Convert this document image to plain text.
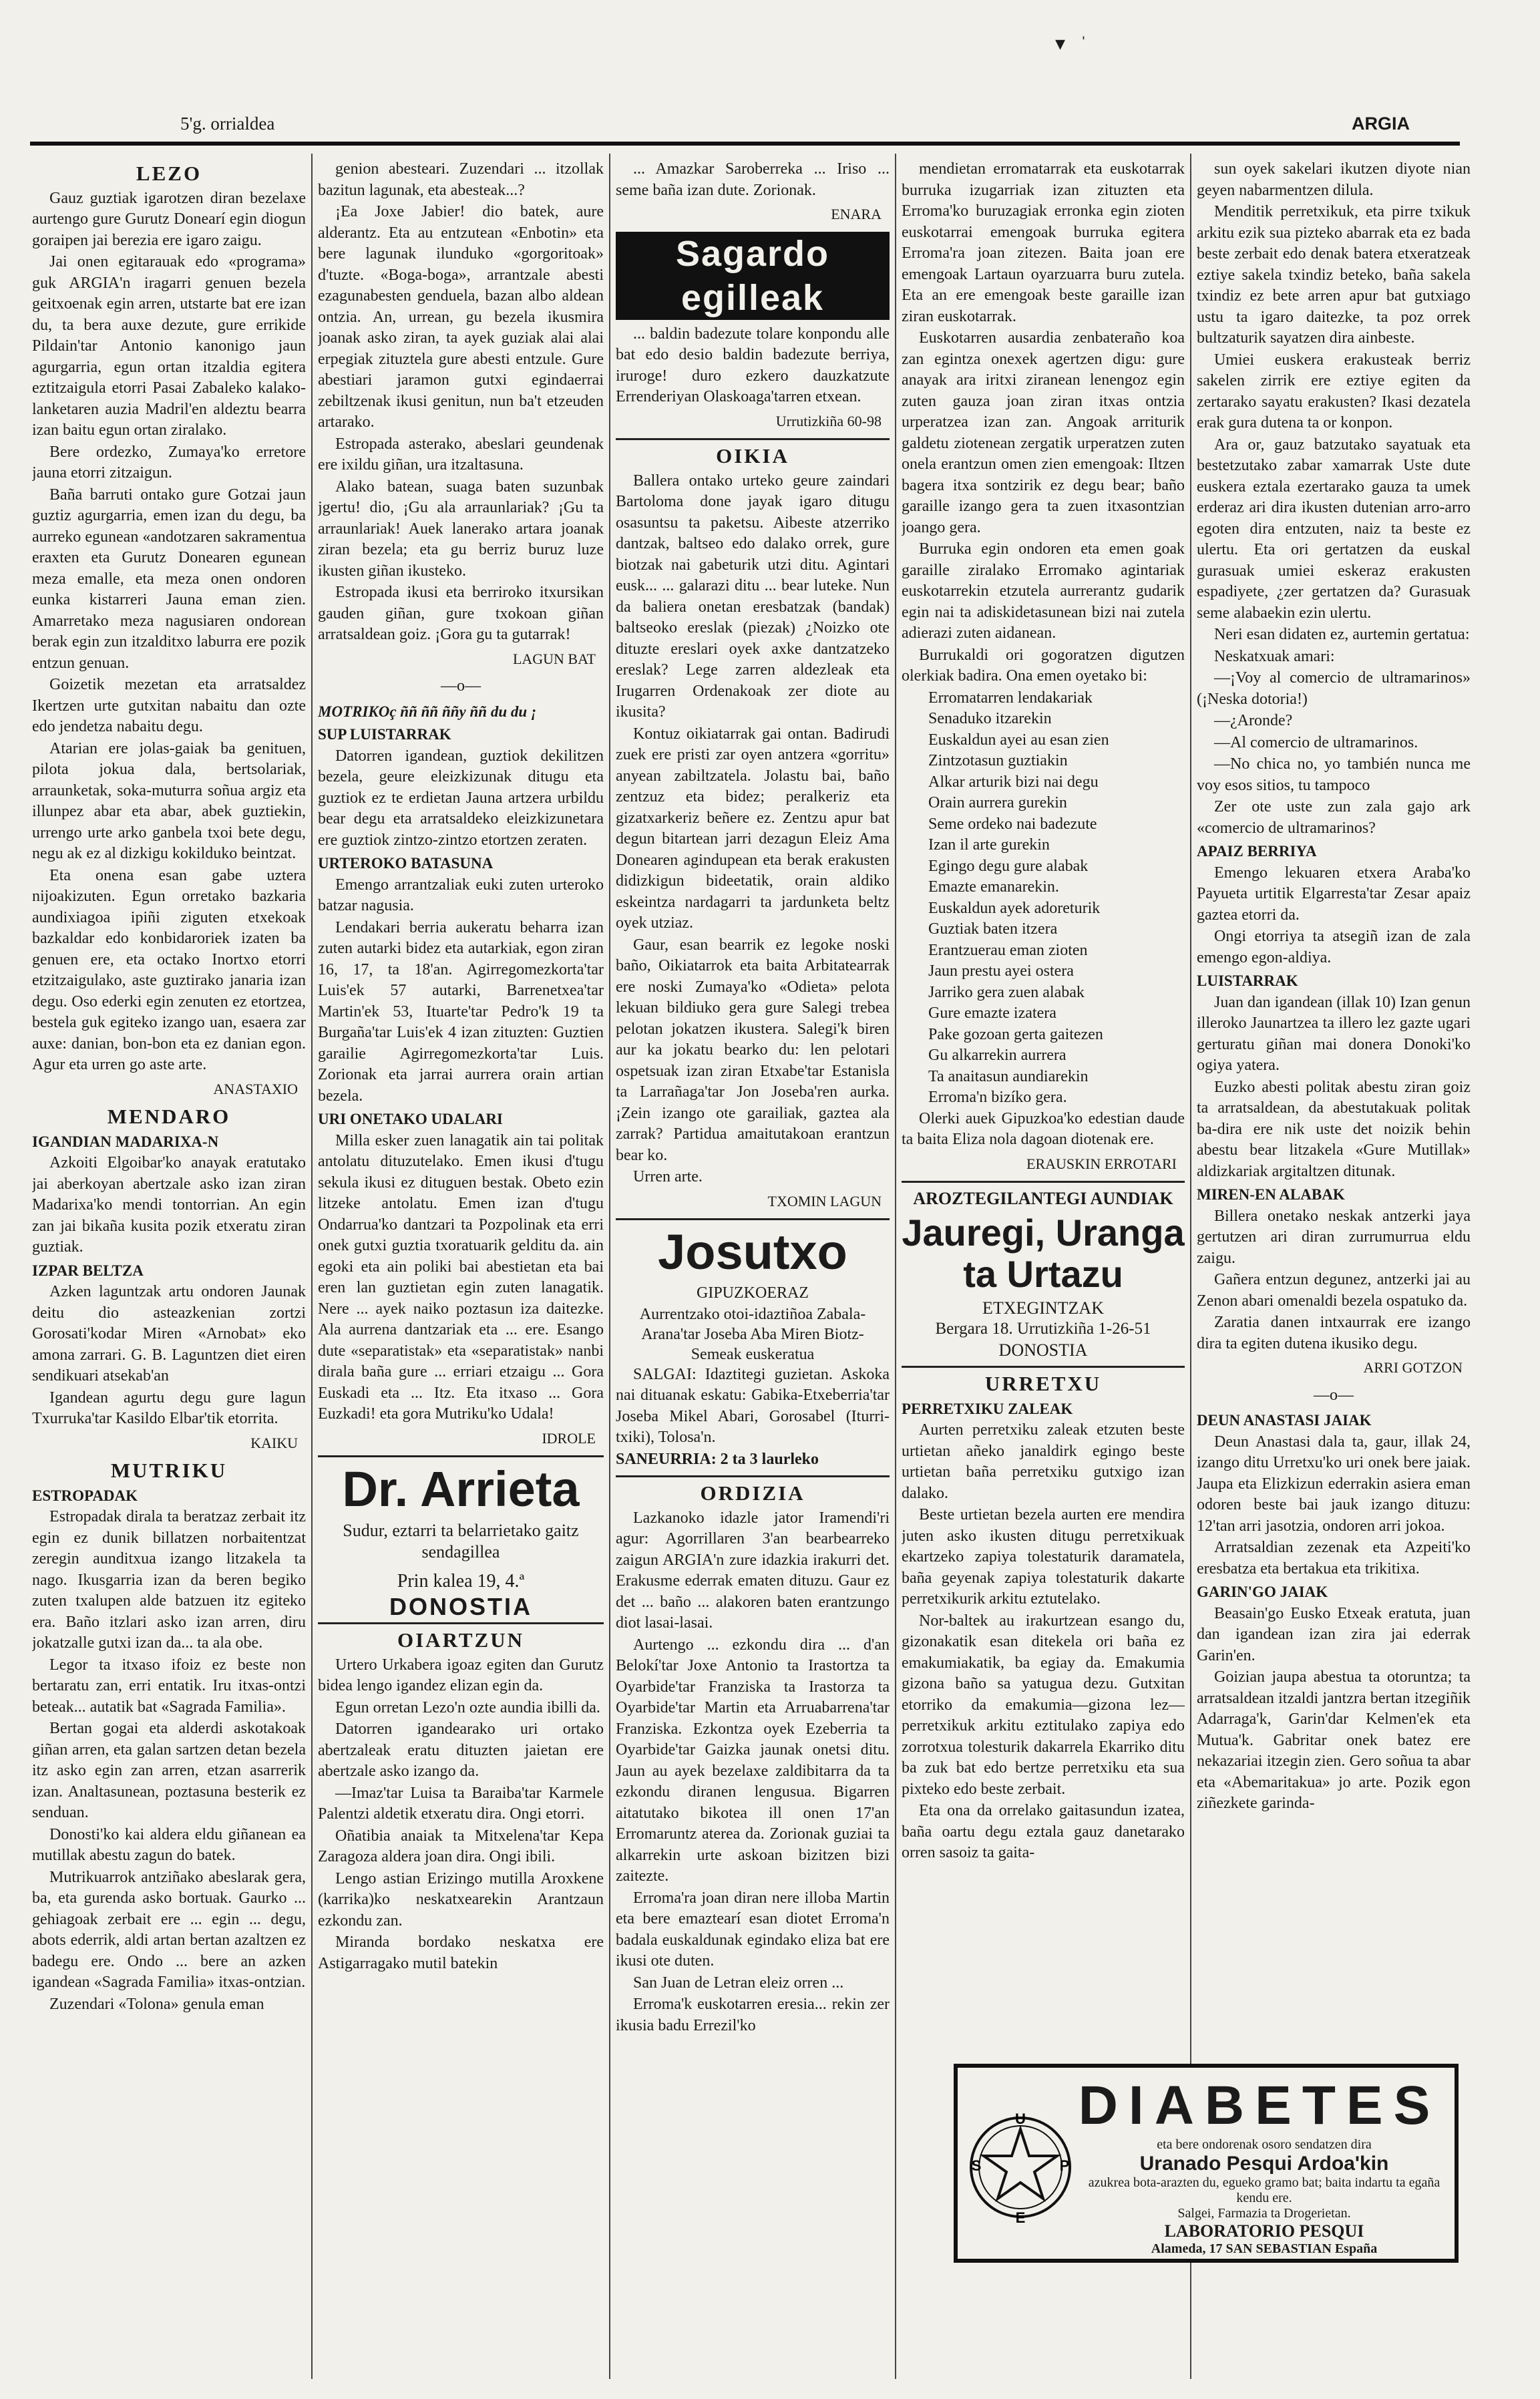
5'g. orrialdea	ARGIA
▾   ˈ
LEZO

Gauz guztiak igarotzen diran bezelaxe aurtengo gure Gurutz Donearí egin diogun goraipen jai berezia ere igaro zaigu.

Jai onen egitarauak edo «programa» guk ARGIA'n iragarri genuen bezela geitxoenak egin arren, utstarte bat ere izan du, ta bera auxe dezute, gure errikide Pildain'tar Antonio kanonigo jaun agurgarria, egun ortan itzaldia egitera eztitzaigula etorri Pasai Zabaleko kalako-lanketaren auzia Madril'en aldeztu bearra izan baitu egun ortan ziralako.

Bere ordezko, Zumaya'ko erretore jauna etorri zitzaigun.

Baña barruti ontako gure Gotzai jaun guztiz agurgarria, emen izan du degu, ba aurreko egunean «andotzaren sakramentua eraxten eta Gurutz Donearen egunean meza emalle, eta meza onen ondoren eunka kistarreri Jauna eman zien. Amarretako meza nagusiaren ondorean berak egin zun itzalditxo laburra ere pozik entzun genuan.

Goizetik mezetan eta arratsaldez Ikertzen urte gutxitan nabaitu dan ozte edo jendetza nabaitu degu.

Atarian ere jolas-gaiak ba genituen, pilota jokua dala, bertsolariak, arraunketak, soka-muturra soñua argiz eta illunpez abar eta abar, abek guztiekin, urrengo urte arko ganbela txoi bete degu, negu ak ez al dizkigu kokilduko beintzat.

Eta onena esan gabe uztera nijoakizuten. Egun orretako bazkaria aundixiagoa ipiñi ziguten etxekoak bazkaldar edo konbidaroriek izaten ba genuen ere, eta octako Inortxo etorri etzitzaigulako, aste guztirako janaria izan degu. Oso ederki egin zenuten ez etortzea, bestela guk egiteko izango uan, esaera zar auxe: danian, bon-bon eta ez danian egon. Agur eta urren go aste arte.

ANASTAXIO
MENDARO
IGANDIAN MADARIXA-N

Azkoiti Elgoibar'ko anayak eratutako jai aberkoyan abertzale asko izan ziran Madarixa'ko mendi tontorrian. An egin zan jai bikaña kusita pozik etxeratu ziran guztiak.

IZPAR BELTZA

Azken laguntzak artu ondoren Jaunak deitu dio asteazkenian zortzi Gorosati'kodar Miren «Arnobat» eko amona zarrari. G. B. Laguntzen diet eiren sendikuari atsekab'an

Igandean agurtu degu gure lagun Txurruka'tar Kasildo Elbar'tik etorrita.

KAIKU
MUTRIKU
ESTROPADAK

Estropadak dirala ta beratzaz zerbait itz egin ez dunik billatzen norbaitentzat zeregin aunditxua izango litzakela ta nago. Ikusgarria izan da beren begiko zuten txalupen alde batzuen itz egiteko era. Baño itzlari asko izan arren, diru jokatzalle gutxi izan da... ta ala obe.

Legor ta itxaso ifoiz ez beste non bertaratu zan, erri entatik. Iru itxas-ontzi beteak... autatik bat «Sagrada Familia».

Bertan gogai eta alderdi askotakoak giñan arren, eta galan sartzen detan bezela itz asko egin zan arren, etzan asarrerik izan. Analtasunean, poztasuna besterik ez senduan.

Donosti'ko kai aldera eldu giñanean ea mutillak abestu zagun do batek.

Mutrikuarrok antziñako abeslarak gera, ba, eta gurenda asko bortuak. Gaurko ... gehiagoak zerbait ere ... egin ... degu, abots ederrik, aldi artan bertan azaltzen ez badegu ere. Ondo ... bere an azken igandean «Sagrada Familia» itxas-ontzian.

Zuzendari «Tolona» genula eman

genion abesteari. Zuzendari ... itzollak bazitun lagunak, eta abesteak...?

¡Ea Joxe Jabier! dio batek, aure alderantz. Eta au entzutean «Enbotin» eta bere lagunak ilunduko «gorgoritoak» d'tuzte. «Boga-boga», arrantzale abesti ezagunabesten genduela, bazan albo aldean ontzia. An, urrean, gu bezela ikusmira joanak asko ziran, ta ayek guziak alai alai erpegiak zituztela gure abesti entzule. Gure abestiari jaramon gutxi egindaerrai zebiltzenak ikusi genitun, nun ba't etzeuden artarako.

Estropada asterako, abeslari geundenak ere ixildu giñan, ura itzaltasuna.

Alako batean, suaga baten suzunbak jgertu! dio, ¡Gu ala arraunlariak? ¡Gu ta arraunlariak! Auek lanerako artara joanak ziran bezela; eta gu berriz buruz luze ikusten giñan ikusteko.

Estropada ikusi eta berriroko itxursikan gauden giñan, gure txokoan giñan arratsaldean goiz. ¡Gora gu ta gutarrak!

LAGUN BAT
—o—
MOTRIKOç ññ ññ ññy ññ du du ¡
SUP LUISTARRAK

Datorren igandean, guztiok dekilitzen bezela, geure eleizkizunak ditugu eta guztiok ez te erdietan Jauna artzera urbildu bear degu eta arratsaldeko eleizkizunetara ere guztiok zintzo-zintzo etortzen zeraten.

URTEROKO BATASUNA

Emengo arrantzaliak euki zuten urteroko batzar nagusia.

Lendakari berria aukeratu beharra izan zuten autarki bidez eta autarkiak, egon ziran 16, 17, ta 18'an. Agirregomezkorta'tar Luis'ek 57 autarki, Barrenetxea'tar Martin'ek 53, Ituarte'tar Pedro'k 19 ta Burgaña'tar Luis'ek 4 izan zituzten: Guztien garailie Agirregomezkorta'tar Luis. Zorionak eta jarrai aurrera orain artian bezela.

URI ONETAKO UDALARI

Milla esker zuen lanagatik ain tai politak antolatu dituzutelako. Emen ikusi d'tugu sekula ikusi ez dituguen bestak. Obeto ezin litzeke antolatu. Emen izan d'tugu Ondarrua'ko dantzari ta Pozpolinak eta erri onek gutxi guztia txoratuarik gelditu da. ain egoki eta ain poliki bai abestietan eta bai eren lan guztietan egin zuten lanagatik. Nere ... ayek naiko poztasun iza daitezke. Ala aurrena dantzariak eta ... ere. Esango dute «separatistak» eta «separatistak» nanbi dirala baña gure ... erriari etzaigu ... Gora Euskadi eta ... Itz. Eta itxaso ... Gora Euzkadi! eta gora Mutriku'ko Udala!

IDROLE
Dr. Arrieta
Sudur, eztarri ta belarrietako gaitz sendagillea
Prin kalea 19, 4.ª
DONOSTIA
OIARTZUN

Urtero Urkabera igoaz egiten dan Gurutz bidea lengo igandez elizan egin da.

Egun orretan Lezo'n ozte aundia ibilli da.

Datorren igandearako uri ortako abertzaleak eratu dituzten jaietan ere abertzale asko izango da.

—Imaz'tar Luisa ta Baraiba'tar Karmele Palentzi aldetik etxeratu dira. Ongi etorri.

Oñatibia anaiak ta Mitxelena'tar Kepa Zaragoza aldera joan dira. Ongi ibili.

Lengo astian Erizingo mutilla Aroxkene (karrika)ko neskatxearekin Arantzaun ezkondu zan.

Miranda bordako neskatxa ere Astigarragako mutil batekin

... Amazkar Saroberreka ... Iriso ... seme baña izan dute. Zorionak.

ENARA
Sagardo egilleak

... baldin badezute tolare konpondu alle bat edo desio baldin badezute berriya, iruroge! duro ezkero dauzkatzute Errenderiyan Olaskoaga'tarren etxean.

Urrutizkiña 60-98
OIKIA

Ballera ontako urteko geure zaindari Bartoloma done jayak igaro ditugu osasuntsu ta paketsu. Aibeste atzerriko dantzak, baltseo edo dalako orrek, gure biotzak nai gabeturik utzi ditu. Agintari eusk... ... galarazi ditu ... bear luteke. Nun da baliera onetan eresbatzak (bandak) baltseoko ereslak (piezak) ¿Noizko ote dituzte ereslari oyek axke dantzatzeko ereslak? Lege zarren aldezleak eta Irugarren Ordenakoak zer diote au ikusita?

Kontuz oikiatarrak gai ontan. Badirudi zuek ere pristi zar oyen antzera «gorritu» anyean zabiltzatela. Jolastu bai, baño zentzuz eta bidez; peralkeriz eta gizatxarkeriz beñere ez. Zentzu apur bat degun bitartean jarri dezagun Eleiz Ama Donearen agindupean eta berak erakusten didizkigun bideetatik, orain aldiko eskeintza nardagarri ta jardunketa beltz oyek utziaz.

Gaur, esan bearrik ez legoke noski baño, Oikiatarrok eta baita Arbitatearrak ere noski Zumaya'ko «Odieta» pelota lekuan bildiuko gera gure Salegi trebea pelotan jokatzen ikustera. Salegi'k biren aur ka jokatu bearko du: len pelotari ospetsuak izan ziran Etxabe'tar Estanisla ta Larrañaga'tar Jon Joseba'ren aurka. ¡Zein izango ote garailiak, gaztea ala zarrak? Partidua amaitutakoan erantzun bear ko.

Urren arte.

TXOMIN LAGUN
Josutxo
GIPUZKOERAZ
Aurrentzako otoi-idaztiñoa Zabala-Arana'tar Joseba Aba Miren Biotz-Semeak euskeratua

SALGAI: Idaztitegi guzietan. Askoka nai dituanak eskatu: Gabika-Etxeberria'tar Joseba Mikel Abari, Gorosabel (Iturri-txiki), Tolosa'n.

SANEURRIA: 2 ta 3 laurleko
ORDIZIA

Lazkanoko idazle jator Iramendi'ri agur: Agorrillaren 3'an bearbearreko zaigun ARGIA'n zure idazkia irakurri det. Erakusme ederrak ematen dituzu. Gaur ez det ... baño ... alakoren baten erantzungo diot lasai-lasai.

Aurtengo ... ezkondu dira ... d'an Belokí'tar Joxe Antonio ta Irastortza ta Oyarbide'tar Franziska ta Irastorza ta Oyarbide'tar Martin eta Arruabarrena'tar Franziska. Ezkontza oyek Ezeberria ta Oyarbide'tar Gaizka jaunak onetsi ditu. Jaun au ayek bezelaxe zaldibitarra da ta ezkondu diranen lengusua. Bigarren aitatutako bikotea ill onen 17'an Erromaruntz aterea da. Zorionak guziai ta alkarrekin urte askoan bizitzen bizi zaitezte.

Erroma'ra joan diran nere illoba Martin eta bere emaztearí esan diotet Erroma'n badala euskaldunak egindako eliza bat ere ikusi ote duten.

San Juan de Letran eleiz orren ...

Erroma'k euskotarren eresia... rekin zer ikusia badu Errezil'ko

mendietan erromatarrak eta euskotarrak burruka izugarriak izan zituzten eta Erroma'ko buruzagiak erronka egin zioten euskotarrai emengoak burruka egitera Erroma'ra joan zitezen. Baita joan ere emengoak Lartaun oyarzuarra buru zutela. Eta an ere emengoak beste garaille izan ziran euskotarrak.

Euskotarren ausardia zenbateraño koa zan egintza onexek agertzen digu: gure anayak ara iritxi ziranean lenengoz egin zuten gauza joan ziran itxas ontzia urperatzea izan zan. Angoak arriturik galdetu ziotenean zergatik urperatzen zuten onela erantzun omen zien emengoak: Iltzen bagera itxa sontzirik ez degu bear; baño garaille izango gera ta zuen itxasontzian joango gera.

Burruka egin ondoren eta emen goak garaille ziralako Erromako agintariak euskotarrekin etzutela aurrerantz gudarik egin nai ta adiskidetasunean bizi nai zutela adierazi zuten aidanean.

Burrukaldi ori gogoratzen digutzen olerkiak badira. Ona emen oyetako bi:

Erromatarren lendakariak
Senaduko itzarekin
Euskaldun ayei au esan zien
Zintzotasun guztiakin
Alkar arturik bizi nai degu
Orain aurrera gurekin
Seme ordeko nai badezute
Izan il arte gurekin
Egingo degu gure alabak
Emazte emanarekin.
Euskaldun ayek adoreturik
Guztiak baten itzera
Erantzuerau eman zioten
Jaun prestu ayei ostera
Jarriko gera zuen alabak
Gure emazte izatera
Pake gozoan gerta gaitezen
Gu alkarrekin aurrera
Ta anaitasun aundiarekin
Erroma'n bizíko gera.

Olerki auek Gipuzkoa'ko edestian daude ta baita Eliza nola dagoan diotenak ere.

ERAUSKIN ERROTARI
AROZTEGILANTEGI AUNDIAK
Jauregi, Uranga ta Urtazu
ETXEGINTZAK
Bergara 18. Urrutizkiña 1-26-51
DONOSTIA
URRETXU
PERRETXIKU ZALEAK

Aurten perretxiku zaleak etzuten beste urtietan añeko janaldirk egingo beste urtietan baña perretxiku gutxigo izan dalako.

Beste urtietan bezela aurten ere mendira juten asko ikusten ditugu perretxikuak ekartzeko zapiya tolestaturik daramatela, baña geyenak zapiya tolestaturik dakarte perretxikurik arkitu eztutelako.

Nor-baltek au irakurtzean esango du, gizonakatik esan ditekela ori baña ez emakumiakatik, ba egiay da. Emakumia gizona baño sa yatugua dezu. Gutxitan etorriko da emakumia—gizona lez—perretxikuk arkitu eztitulako zapiya edo zorrotxua tolesturik dakarrela Ekarriko ditu ba zuk bat edo bertze perretxiku eta sua pixteko edo beste zerbait.

Eta ona da orrelako gaitasundun izatea, baña oartu degu eztala gauz danetarako orren sasoiz ta gaita-

sun oyek sakelari ikutzen diyote nian geyen nabarmentzen dilula.

Menditik perretxikuk, eta pirre txikuk arkitu ezik sua pizteko abarrak eta ez bada beste zerbait edo denak batera etxeratzeak eztiye sakela txindiz beteko, baña sakela txindiz ez bete arren apur bat gutxiago ustu ta igaro daitezke, ta poz orrek bultzaturik sayatzen dira ainbeste.

Umiei euskera erakusteak berriz sakelen zirrik ere eztiye egiten da zertarako sayatu erakusten? Ikasi dezatela erak gura dutena ta or konpon.

Ara or, gauz batzutako sayatuak eta bestetzutako zabar xamarrak Uste dute euskera eztala ezertarako gauza ta umek erderaz ari dira ikusten dutenian arro-arro egoten dira entzuten, naiz ta beste ez ulertu. Eta ori gertatzen da euskal gurasuak umiei eskeraz erakusten espadiyete, ¿zer gertatzen da? Gurasuak seme alabaekin ezin ulertu.

Neri esan didaten ez, aurtemin gertatua:

Neskatxuak amari:

—¡Voy al comercio de ultramarinos» (¡Neska dotoria!)

—¿Aronde?

—Al comercio de ultramarinos.

—No chica no, yo también nunca me voy esos sitios, tu tampoco

Zer ote uste zun zala gajo ark «comercio de ultramarinos?

APAIZ BERRIYA

Emengo lekuaren etxera Araba'ko Payueta urtitik Elgarresta'tar Zesar apaiz gaztea etorri da.

Ongi etorriya ta atsegiñ izan de zala emengo egon-aldiya.

LUISTARRAK

Juan dan igandean (illak 10) Izan genun illeroko Jaunartzea ta illero lez gazte ugari gerturatu giñan mai donera Donoki'ko ogiya yatera.

Euzko abesti politak abestu ziran goiz ta arratsaldean, da abestutakuak politak ba-dira ere nik uste det noizik behin abestu bear litzakela «Gure Mutillak» aldizkariak argitaltzen ditunak.

MIREN-EN ALABAK

Billera onetako neskak antzerki jaya gertutzen ari diran zurrumurrua eldu zaigu.

Gañera entzun degunez, antzerki jai au Zenon abari omenaldi bezela ospatuko da.

Zaratia danen intxaurrak ere izango dira ta egiten dutena ikusiko degu.

ARRI GOTZON
—o—
DEUN ANASTASI JAIAK

Deun Anastasi dala ta, gaur, illak 24, izango ditu Urretxu'ko uri onek bere jaiak. Jaupa eta Elizkizun ederrakin asiera eman odoren beste bai jauk izango dituzu: 12'tan arri jasotzia, ondoren arri jokoa.

Arratsaldian zezenak eta Azpeiti'ko eresbatza eta bertakua eta trikitixa.

GARIN'GO JAIAK

Beasain'go Eusko Etxeak eratuta, juan dan igandean izan zira jai ederrak Garin'en.

Goizian jaupa abestua ta otoruntza; ta arratsaldean itzaldi jantzra bertan itzegiñik Adarraga'k, Garin'dar Kelmen'ek eta Mutua'k. Gabritar onek batez ere nekazariai itzegin zien. Gero soñua ta abar eta «Abemaritakua» jo arte. Pozik egon ziñezkete garinda-

U
P
E
S
DIABETES
eta bere ondorenak osoro sendatzen dira
Uranado Pesqui Ardoa'kin
azukrea bota-arazten du, egueko gramo bat; baita indartu ta egaña kendu ere.
Salgei, Farmazia ta Drogerietan.
LABORATORIO PESQUI
Alameda, 17 SAN SEBASTIAN España
